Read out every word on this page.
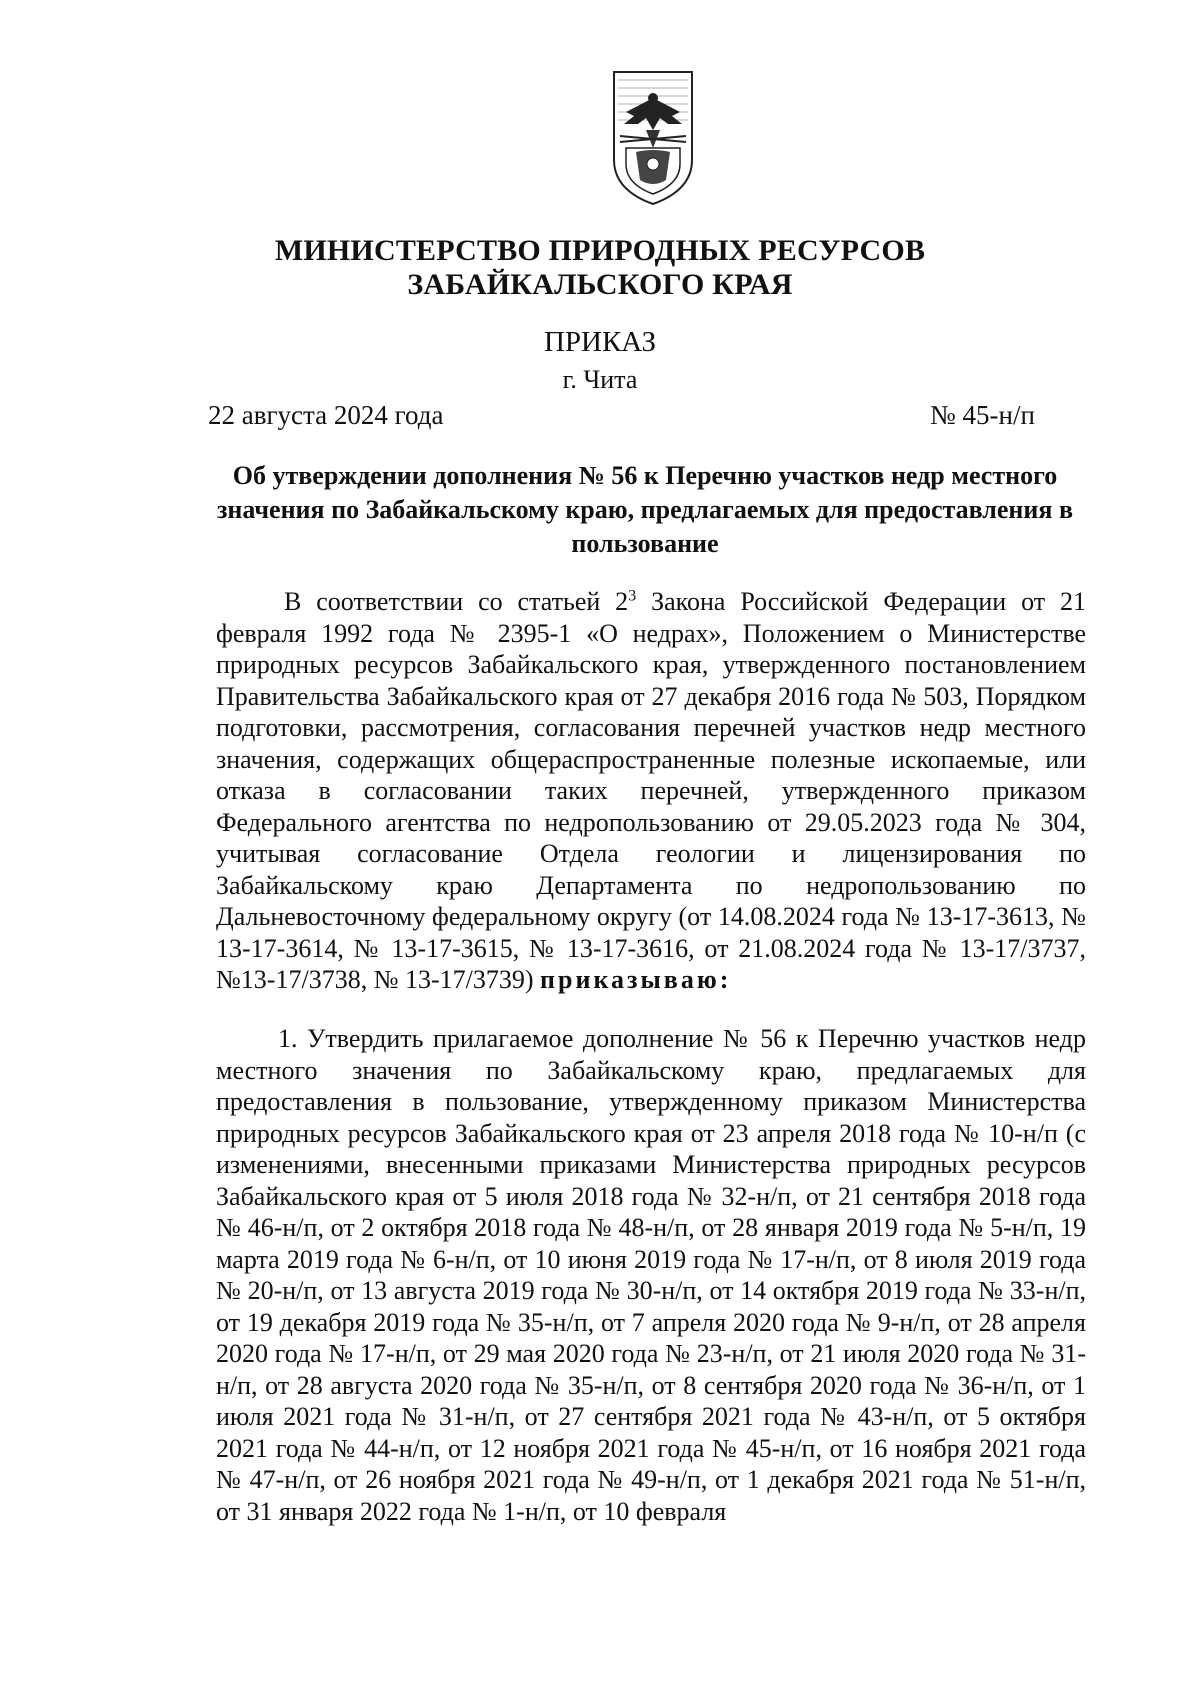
МИНИСТЕРСТВО ПРИРОДНЫХ РЕСУРСОВ
ЗАБАЙКАЛЬСКОГО КРАЯ
ПРИКАЗ
г. Чита
22 августа 2024 года	№ 45-н/п
Об утверждении дополнения № 56 к Перечню участков недр местного значения по Забайкальскому краю, предлагаемых для предоставления в пользование
В соответствии со статьей $2^3$ Закона Российской Федерации от 21 февраля 1992 года № 2395-1 «О недрах», Положением о Министерстве природных ресурсов Забайкальского края, утвержденного постановлением Правительства Забайкальского края от 27 декабря 2016 года № 503, Порядком подготовки, рассмотрения, согласования перечней участков недр местного значения, содержащих общераспространенные полезные ископаемые, или отказа в согласовании таких перечней, утвержденного приказом Федерального агентства по недропользованию от 29.05.2023 года № 304, учитывая согласование Отдела геологии и лицензирования по Забайкальскому краю Департамента по недропользованию по Дальневосточному федеральному округу (от 14.08.2024 года № 13-17-3613, № 13-17-3614, № 13-17-3615, № 13-17-3616, от 21.08.2024 года № 13-17/3737, №13-17/3738, № 13-17/3739) приказываю:
1. Утвердить прилагаемое дополнение № 56 к Перечню участков недр местного значения по Забайкальскому краю, предлагаемых для предоставления в пользование, утвержденному приказом Министерства природных ресурсов Забайкальского края от 23 апреля 2018 года № 10-н/п (с изменениями, внесенными приказами Министерства природных ресурсов Забайкальского края от 5 июля 2018 года № 32-н/п, от 21 сентября 2018 года № 46-н/п, от 2 октября 2018 года № 48-н/п, от 28 января 2019 года № 5-н/п, 19 марта 2019 года № 6-н/п, от 10 июня 2019 года № 17-н/п, от 8 июля 2019 года № 20-н/п, от 13 августа 2019 года № 30-н/п, от 14 октября 2019 года № 33-н/п, от 19 декабря 2019 года № 35-н/п, от 7 апреля 2020 года № 9-н/п, от 28 апреля 2020 года № 17-н/п, от 29 мая 2020 года № 23-н/п, от 21 июля 2020 года № 31-н/п, от 28 августа 2020 года № 35-н/п, от 8 сентября 2020 года № 36-н/п, от 1 июля 2021 года № 31-н/п, от 27 сентября 2021 года № 43-н/п, от 5 октября 2021 года № 44-н/п, от 12 ноября 2021 года № 45-н/п, от 16 ноября 2021 года № 47-н/п, от 26 ноября 2021 года № 49-н/п, от 1 декабря 2021 года № 51-н/п, от 31 января 2022 года № 1-н/п, от 10 февраля
